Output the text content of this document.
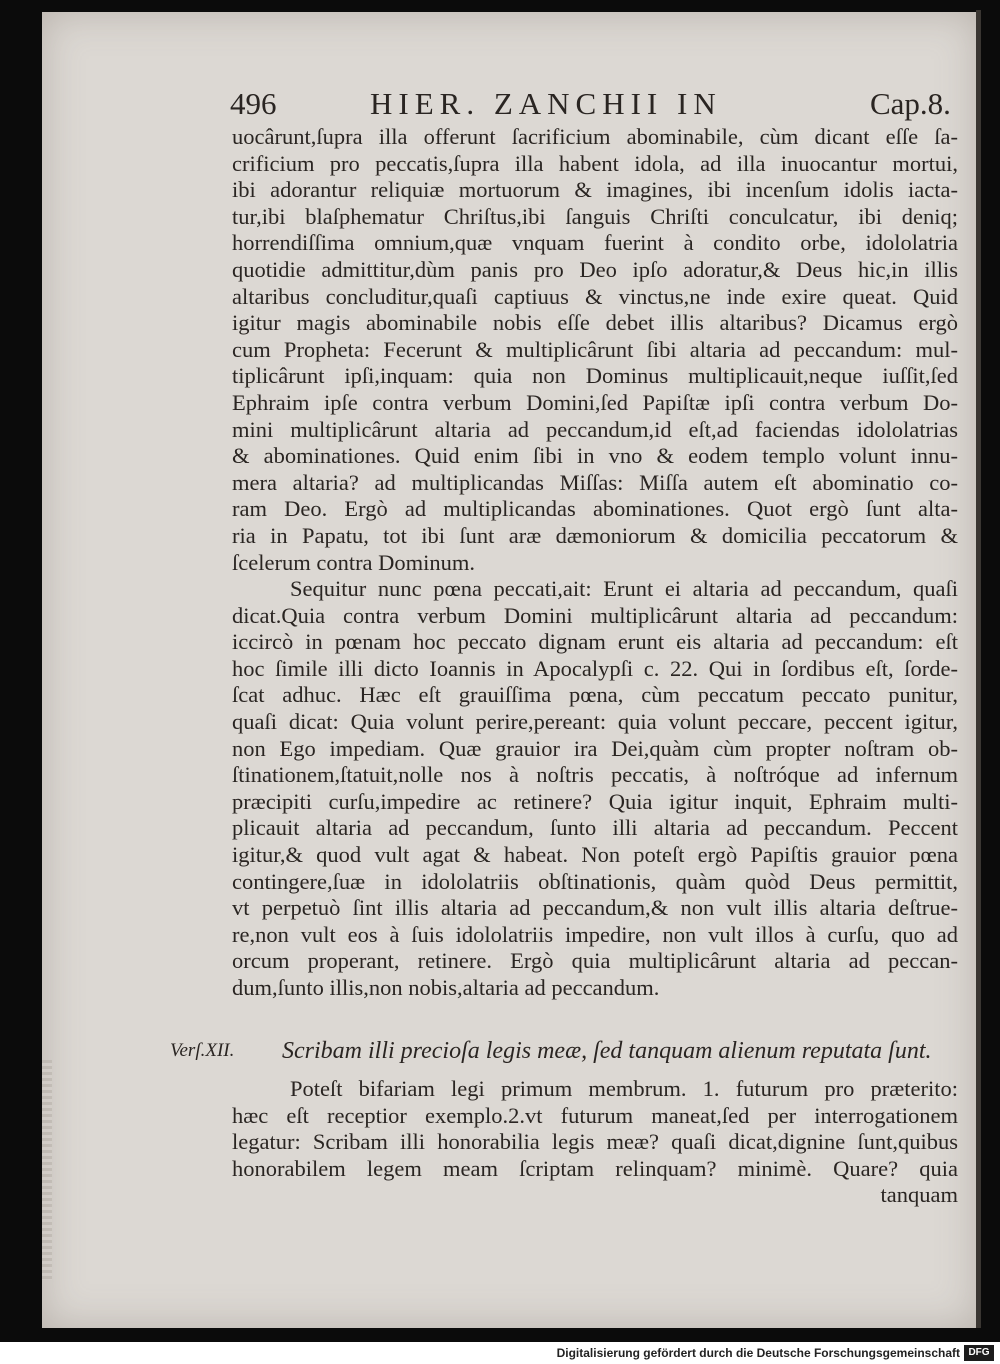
496	HIER. ZANCHII IN	Cap.8.
uocârunt,ſupra illa offerunt ſacrificium abominabile, cùm dicant eſſe ſa-
crificium pro peccatis,ſupra illa habent idola, ad illa inuocantur mortui,
ibi adorantur reliquiæ mortuorum & imagines, ibi incenſum idolis iacta-
tur,ibi blaſphematur Chriſtus,ibi ſanguis Chriſti conculcatur, ibi deniq;
horrendiſſima omnium,quæ vnquam fuerint à condito orbe, idololatria
quotidie admittitur,dùm panis pro Deo ipſo adoratur,& Deus hic,in illis
altaribus concluditur,quaſi captiuus & vinctus,ne inde exire queat. Quid
igitur magis abominabile nobis eſſe debet illis altaribus? Dicamus ergò
cum Propheta: Fecerunt & multiplicârunt ſibi altaria ad peccandum: mul-
tiplicârunt ipſi,inquam: quia non Dominus multiplicauit,neque iuſſit,ſed
Ephraim ipſe contra verbum Domini,ſed Papiſtæ ipſi contra verbum Do-
mini multiplicârunt altaria ad peccandum,id eſt,ad faciendas idololatrias
& abominationes. Quid enim ſibi in vno & eodem templo volunt innu-
mera altaria? ad multiplicandas Miſſas: Miſſa autem eſt abominatio co-
ram Deo. Ergò ad multiplicandas abominationes. Quot ergò ſunt alta-
ria in Papatu, tot ibi ſunt aræ dæmoniorum & domicilia peccatorum &
ſcelerum contra Dominum.
Sequitur nunc pœna peccati,ait: Erunt ei altaria ad peccandum, quaſi
dicat.Quia contra verbum Domini multiplicârunt altaria ad peccandum:
iccircò in pœnam hoc peccato dignam erunt eis altaria ad peccandum: eſt
hoc ſimile illi dicto Ioannis in Apocalypſi c. 22. Qui in ſordibus eſt, ſorde-
ſcat adhuc. Hæc eſt grauiſſima pœna, cùm peccatum peccato punitur,
quaſi dicat: Quia volunt perire,pereant: quia volunt peccare, peccent igitur,
non Ego impediam. Quæ grauior ira Dei,quàm cùm propter noſtram ob-
ſtinationem,ſtatuit,nolle nos à noſtris peccatis, à noſtróque ad infernum
præcipiti curſu,impedire ac retinere? Quia igitur inquit, Ephraim multi-
plicauit altaria ad peccandum, ſunto illi altaria ad peccandum. Peccent
igitur,& quod vult agat & habeat. Non poteſt ergò Papiſtis grauior pœna
contingere,ſuæ in idololatriis obſtinationis, quàm quòd Deus permittit,
vt perpetuò ſint illis altaria ad peccandum,& non vult illis altaria deſtrue-
re,non vult eos à ſuis idololatriis impedire, non vult illos à curſu, quo ad
orcum properant, retinere. Ergò quia multiplicârunt altaria ad peccan-
dum,ſunto illis,non nobis,altaria ad peccandum.
Verſ.XII. Scribam illi precioſa legis meæ, ſed tanquam alienum reputata ſunt.
Poteſt bifariam legi primum membrum. 1. futurum pro præterito:
hæc eſt receptior exemplo.2.vt futurum maneat,ſed per interrogationem
legatur: Scribam illi honorabilia legis meæ? quaſi dicat,dignine ſunt,quibus
honorabilem legem meam ſcriptam relinquam? minimè. Quare? quia
tanquam
Digitalisierung gefördert durch die Deutsche Forschungsgemeinschaft DFG
